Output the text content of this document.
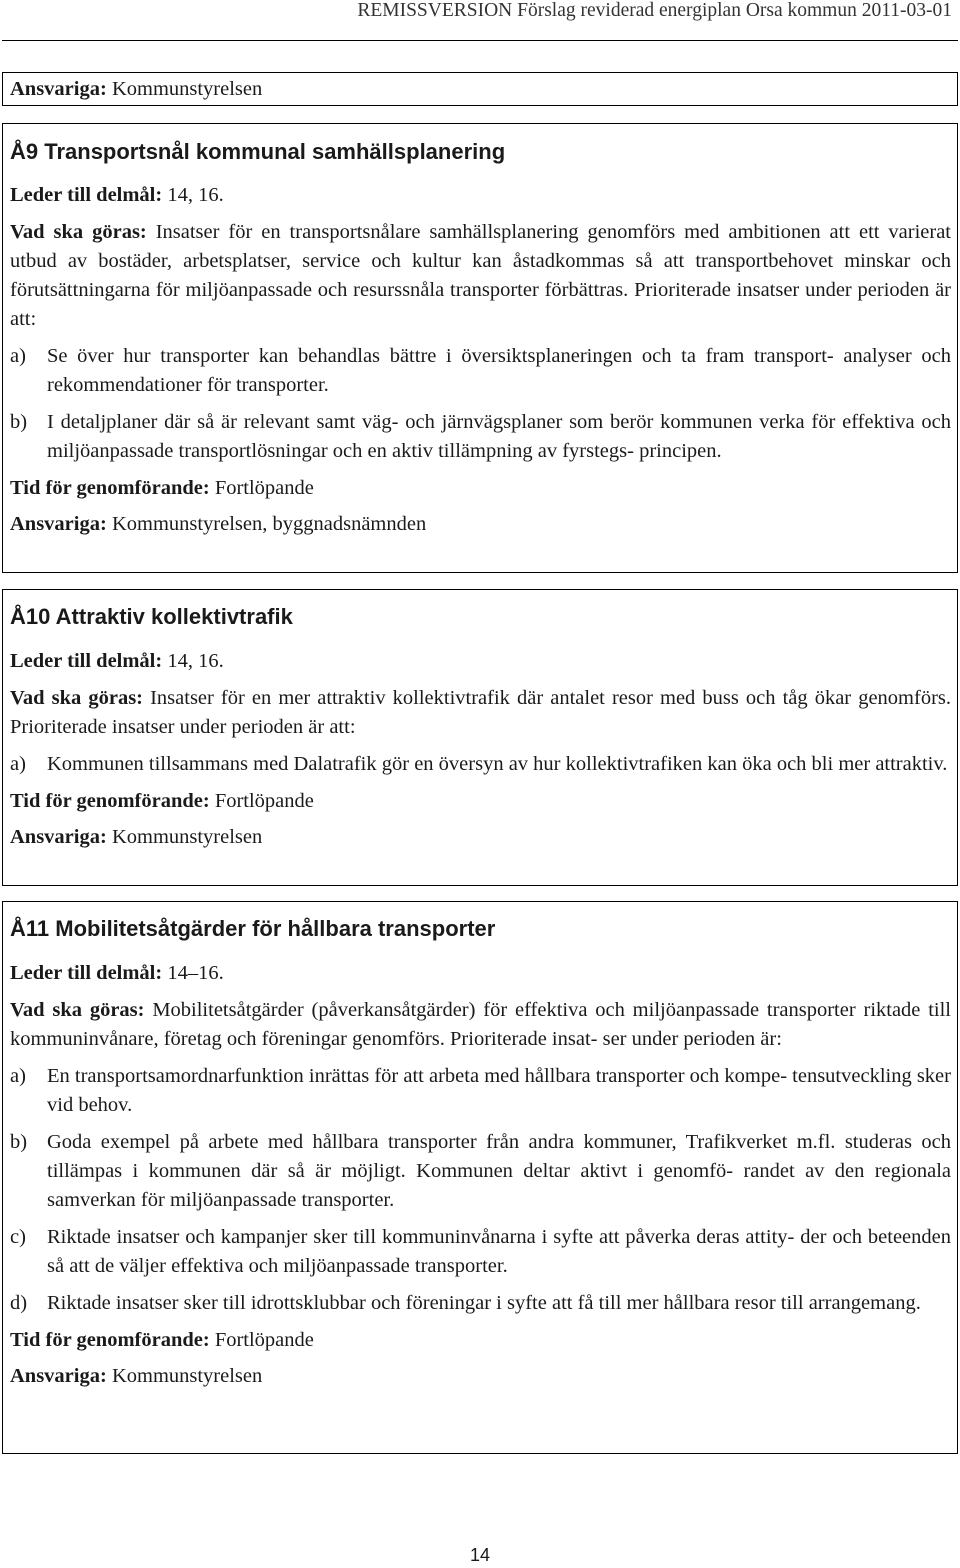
REMISSVERSION Förslag reviderad energiplan Orsa kommun 2011-03-01

Ansvariga: Kommunstyrelsen

Å9 Transportsnål kommunal samhällsplanering

Leder till delmål: 14, 16.

Vad ska göras: Insatser för en transportsnålare samhällsplanering genomförs med ambitionen att ett varierat utbud av bostäder, arbetsplatser, service och kultur kan åstadkommas så att transportbehovet minskar och förutsättningarna för miljöanpassade och resurssnåla transporter förbättras. Prioriterade insatser under perioden är att:

a) Se över hur transporter kan behandlas bättre i översiktsplaneringen och ta fram transport- analyser och rekommendationer för transporter.
b) I detaljplaner där så är relevant samt väg- och järnvägsplaner som berör kommunen verka för effektiva och miljöanpassade transportlösningar och en aktiv tillämpning av fyrstegs- principen.

Tid för genomförande: Fortlöpande

Ansvariga: Kommunstyrelsen, byggnadsnämnden

Å10 Attraktiv kollektivtrafik

Leder till delmål: 14, 16.

Vad ska göras: Insatser för en mer attraktiv kollektivtrafik där antalet resor med buss och tåg ökar genomförs. Prioriterade insatser under perioden är att:

a) Kommunen tillsammans med Dalatrafik gör en översyn av hur kollektivtrafiken kan öka och bli mer attraktiv.

Tid för genomförande: Fortlöpande

Ansvariga: Kommunstyrelsen

Å11 Mobilitetsåtgärder för hållbara transporter

Leder till delmål: 14–16.

Vad ska göras: Mobilitetsåtgärder (påverkansåtgärder) för effektiva och miljöanpassade transporter riktade till kommuninvånare, företag och föreningar genomförs. Prioriterade insat- ser under perioden är:

a) En transportsamordnarfunktion inrättas för att arbeta med hållbara transporter och kompe- tensutveckling sker vid behov.
b) Goda exempel på arbete med hållbara transporter från andra kommuner, Trafikverket m.fl. studeras och tillämpas i kommunen där så är möjligt. Kommunen deltar aktivt i genomfö- randet av den regionala samverkan för miljöanpassade transporter.
c) Riktade insatser och kampanjer sker till kommuninvånarna i syfte att påverka deras attity- der och beteenden så att de väljer effektiva och miljöanpassade transporter.
d) Riktade insatser sker till idrottsklubbar och föreningar i syfte att få till mer hållbara resor till arrangemang.

Tid för genomförande: Fortlöpande

Ansvariga: Kommunstyrelsen

14
